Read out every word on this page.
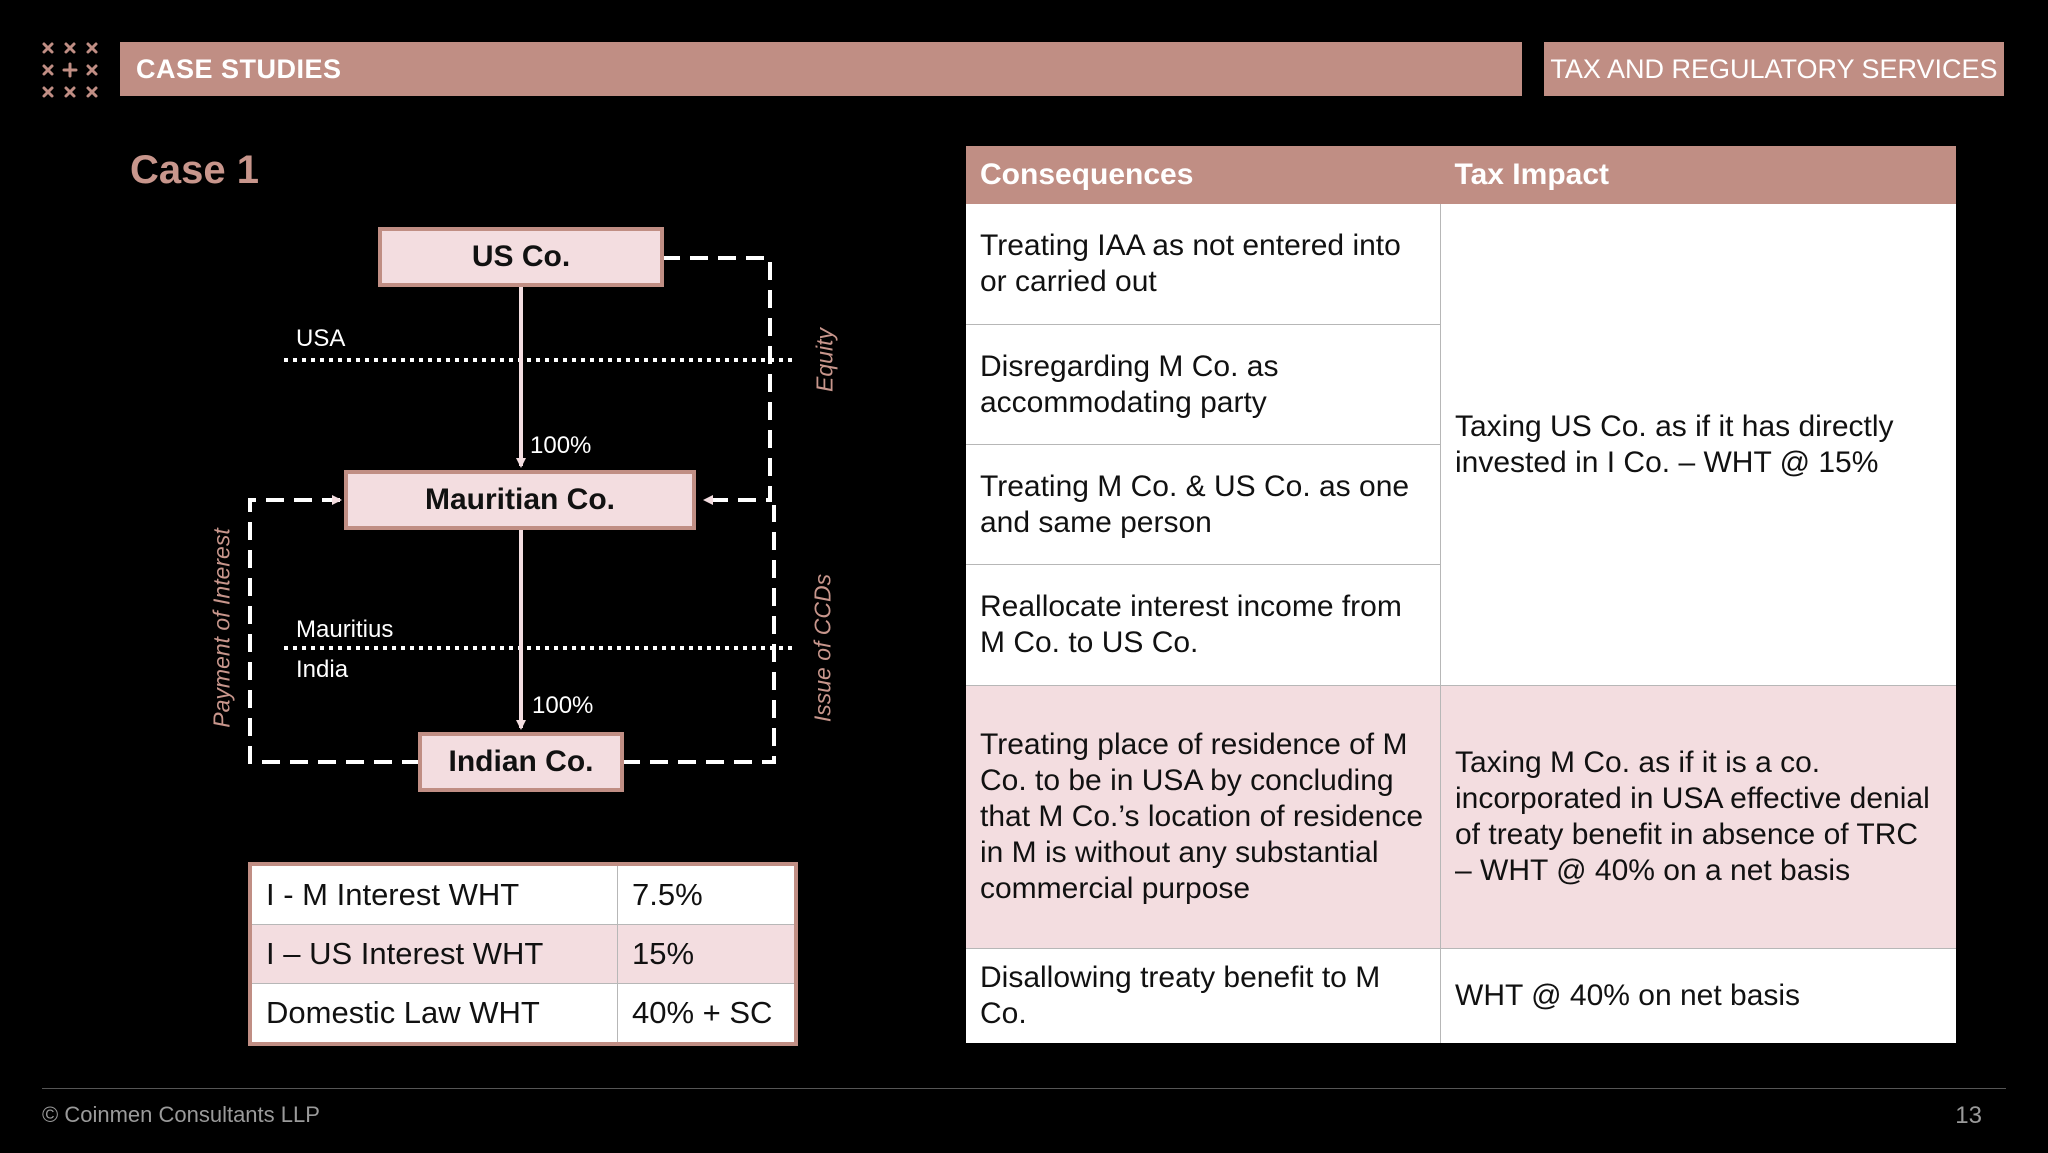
CASE STUDIES	TAX AND REGULATORY SERVICES
Case 1
US Co.
Mauritian Co.
Indian Co.
USA
Mauritius
India
100%
100%
Equity
Issue of CCDs
Payment of Interest
I - M Interest WHT	7.5%
I – US Interest WHT	15%
Domestic Law WHT	40% + SC
Consequences	Tax Impact
Treating IAA as not entered into or carried out	Taxing US Co. as if it has directly invested in I Co. – WHT @ 15%
Disregarding M Co. as accommodating party	
Treating M Co. & US Co. as one and same person	
Reallocate interest income from M Co. to US Co.	
Treating place of residence of M Co. to be in USA by concluding that M Co.’s location of residence in M is without any substantial commercial purpose	Taxing M Co. as if it is a co. incorporated in USA effective denial of treaty benefit in absence of TRC – WHT @ 40% on a net basis
Disallowing treaty benefit to M Co.	WHT @ 40% on net basis
© Coinmen Consultants LLP	13
